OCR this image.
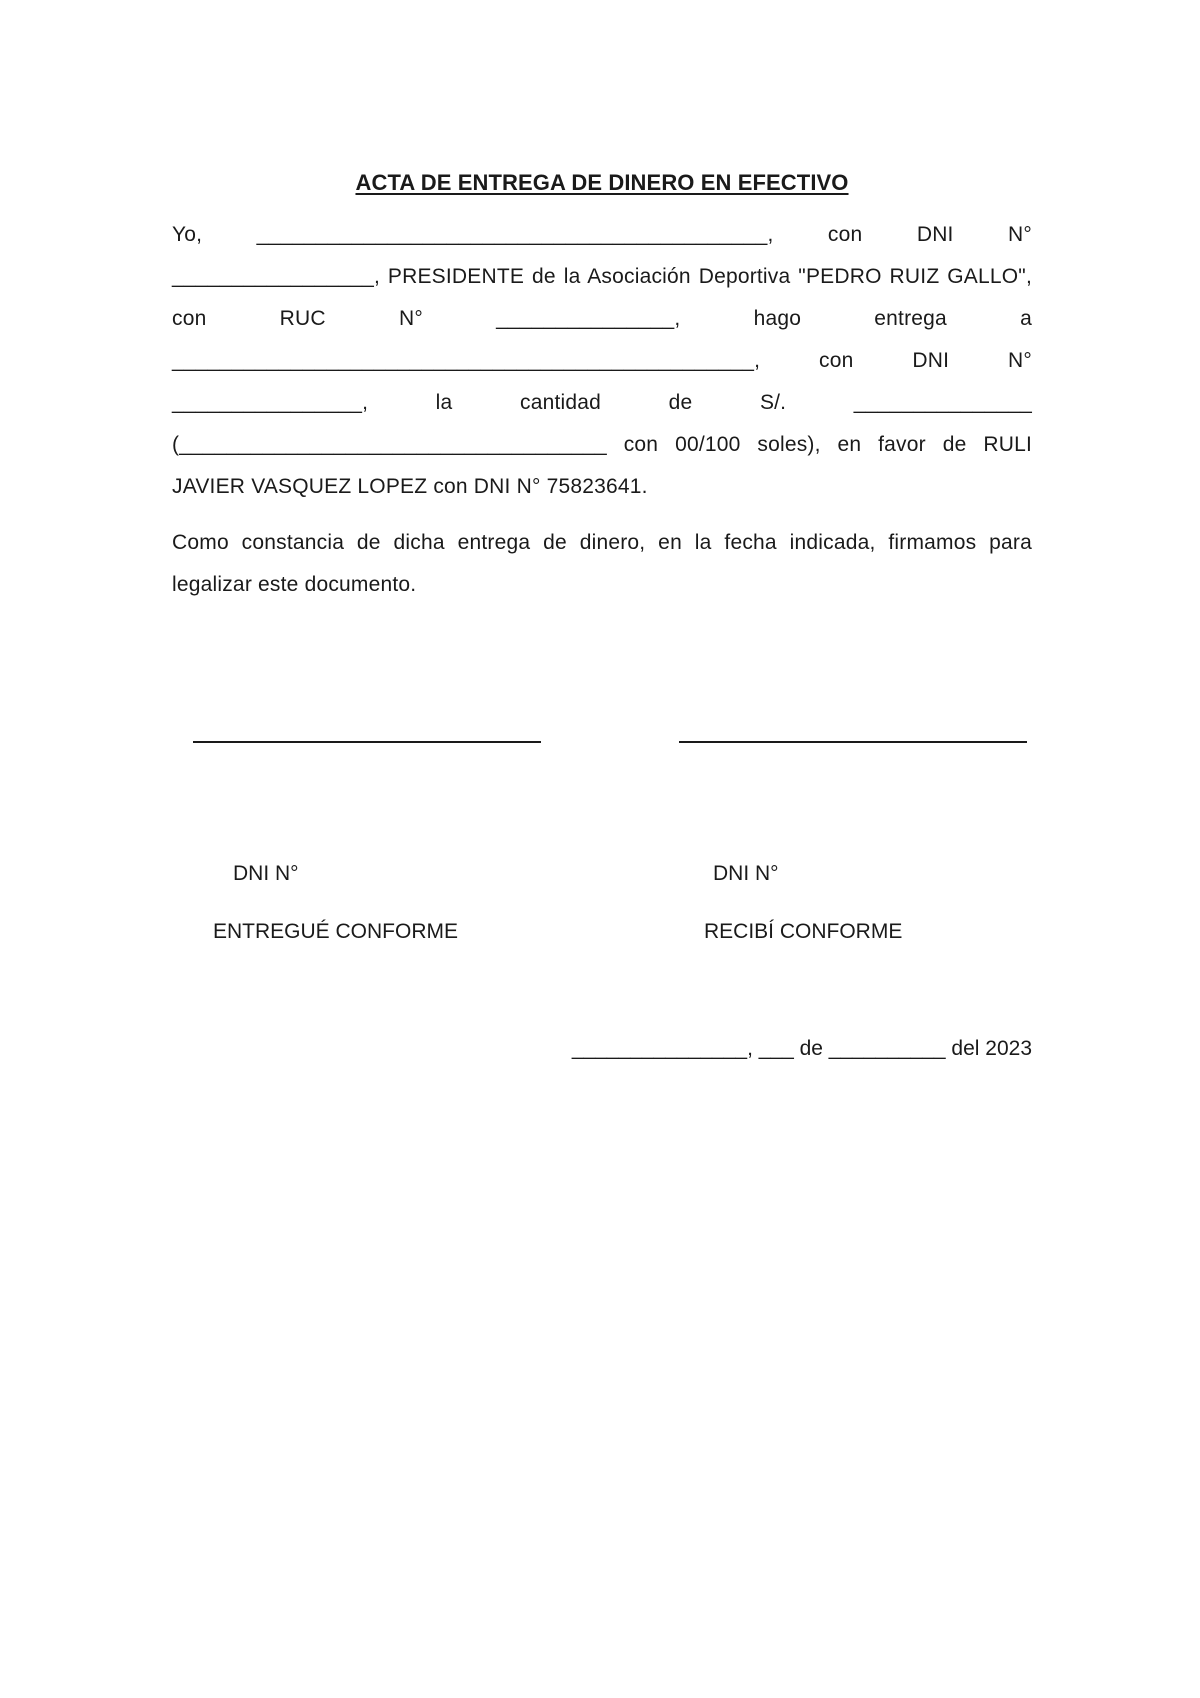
ACTA DE ENTREGA DE DINERO EN EFECTIVO
Yo, ___________________________________________, con DNI N° _________________, PRESIDENTE de la Asociación Deportiva "PEDRO RUIZ GALLO", con RUC N° _______________, hago entrega a _________________________________________________, con DNI N° ________________, la cantidad de S/. _______________ (____________________________________ con 00/100 soles), en favor de RULI JAVIER VASQUEZ LOPEZ con DNI N° 75823641.
Como constancia de dicha entrega de dinero, en la fecha indicada, firmamos para legalizar este documento.
DNI N°	DNI N°
ENTREGUÉ CONFORME	RECIBÍ CONFORME
_______________, ___ de __________ del 2023
